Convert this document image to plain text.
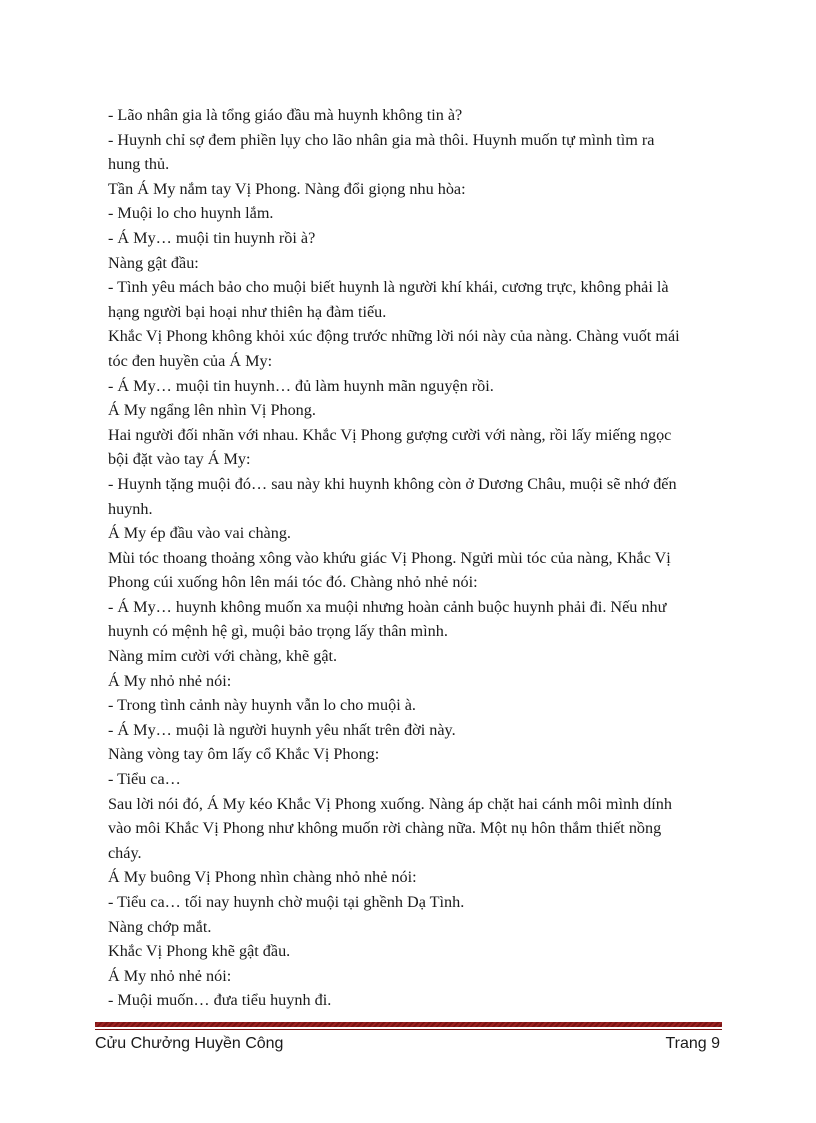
- Lão nhân gia là tổng giáo đầu mà huynh không tin à?

- Huynh chỉ sợ đem phiền lụy cho lão nhân gia mà thôi. Huynh muốn tự mình tìm ra

hung thủ.

Tần Á My nắm tay Vị Phong. Nàng đổi giọng nhu hòa:

- Muội lo cho huynh lắm.

- Á My… muội tin huynh rồi à?

Nàng gật đầu:

- Tình yêu mách bảo cho muội biết huynh là người khí khái, cương trực, không phải là

hạng người bại hoại như thiên hạ đàm tiếu.

Khắc Vị Phong không khỏi xúc động trước những lời nói này của nàng. Chàng vuốt mái

tóc đen huyền của Á My:

- Á My… muội tin huynh… đủ làm huynh mãn nguyện rồi.

Á My ngẩng lên nhìn Vị Phong.

Hai người đối nhãn với nhau. Khắc Vị Phong gượng cười với nàng, rồi lấy miếng ngọc

bội đặt vào tay Á My:

- Huynh tặng muội đó… sau này khi huynh không còn ở Dương Châu, muội sẽ nhớ đến

huynh.

Á My ép đầu vào vai chàng.

Mùi tóc thoang thoảng xông vào khứu giác Vị Phong. Ngửi mùi tóc của nàng, Khắc Vị

Phong cúi xuống hôn lên mái tóc đó. Chàng nhỏ nhẻ nói:

- Á My… huynh không muốn xa muội nhưng hoàn cảnh buộc huynh phải đi. Nếu như

huynh có mệnh hệ gì, muội bảo trọng lấy thân mình.

Nàng mỉm cười với chàng, khẽ gật.

Á My nhỏ nhẻ nói:

- Trong tình cảnh này huynh vẫn lo cho muội à.

- Á My… muội là người huynh yêu nhất trên đời này.

Nàng vòng tay ôm lấy cổ Khắc Vị Phong:

- Tiểu ca…

Sau lời nói đó, Á My kéo Khắc Vị Phong xuống. Nàng áp chặt hai cánh môi mình dính

vào môi Khắc Vị Phong như không muốn rời chàng nữa. Một nụ hôn thắm thiết nồng

cháy.

Á My buông Vị Phong nhìn chàng nhỏ nhẻ nói:

- Tiểu ca… tối nay huynh chờ muội tại ghềnh Dạ Tình.

Nàng chớp mắt.

Khắc Vị Phong khẽ gật đầu.

Á My nhỏ nhẻ nói:

- Muội muốn… đưa tiểu huynh đi.

Cửu Chưởng Huyền Công	Trang 9
